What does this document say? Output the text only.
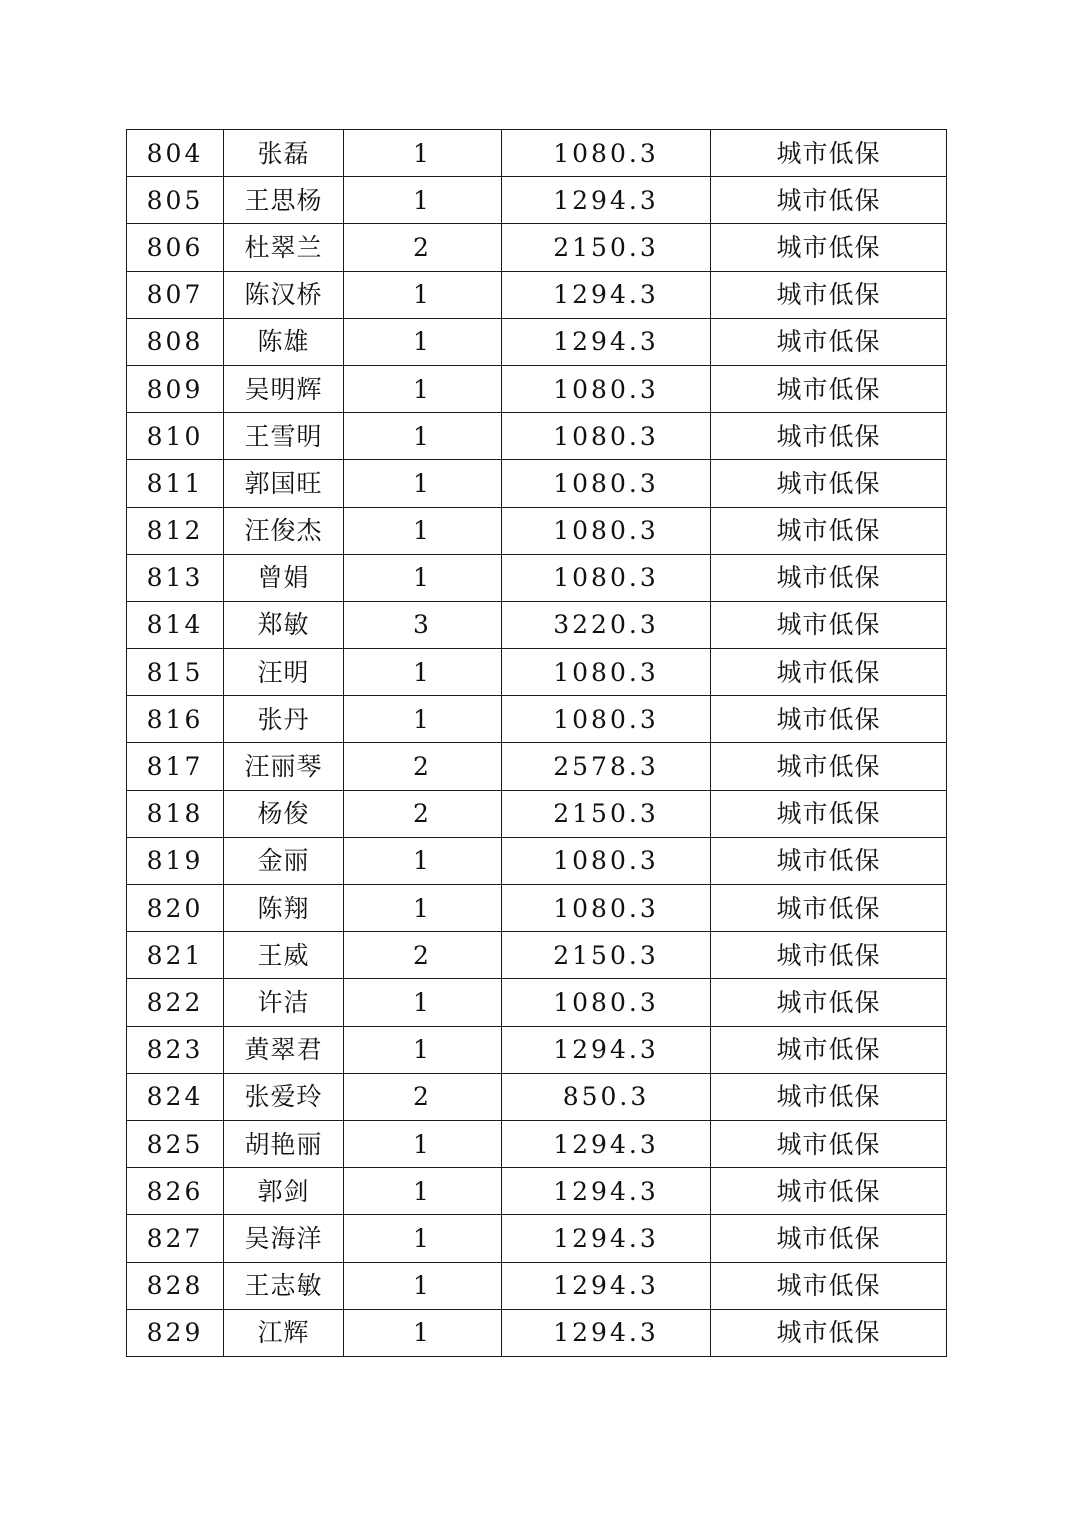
804	张磊	1	1080.3	城市低保
805	王思杨	1	1294.3	城市低保
806	杜翠兰	2	2150.3	城市低保
807	陈汉桥	1	1294.3	城市低保
808	陈雄	1	1294.3	城市低保
809	吴明辉	1	1080.3	城市低保
810	王雪明	1	1080.3	城市低保
811	郭国旺	1	1080.3	城市低保
812	汪俊杰	1	1080.3	城市低保
813	曾娟	1	1080.3	城市低保
814	郑敏	3	3220.3	城市低保
815	汪明	1	1080.3	城市低保
816	张丹	1	1080.3	城市低保
817	汪丽琴	2	2578.3	城市低保
818	杨俊	2	2150.3	城市低保
819	金丽	1	1080.3	城市低保
820	陈翔	1	1080.3	城市低保
821	王威	2	2150.3	城市低保
822	许洁	1	1080.3	城市低保
823	黄翠君	1	1294.3	城市低保
824	张爱玲	2	850.3	城市低保
825	胡艳丽	1	1294.3	城市低保
826	郭剑	1	1294.3	城市低保
827	吴海洋	1	1294.3	城市低保
828	王志敏	1	1294.3	城市低保
829	江辉	1	1294.3	城市低保
